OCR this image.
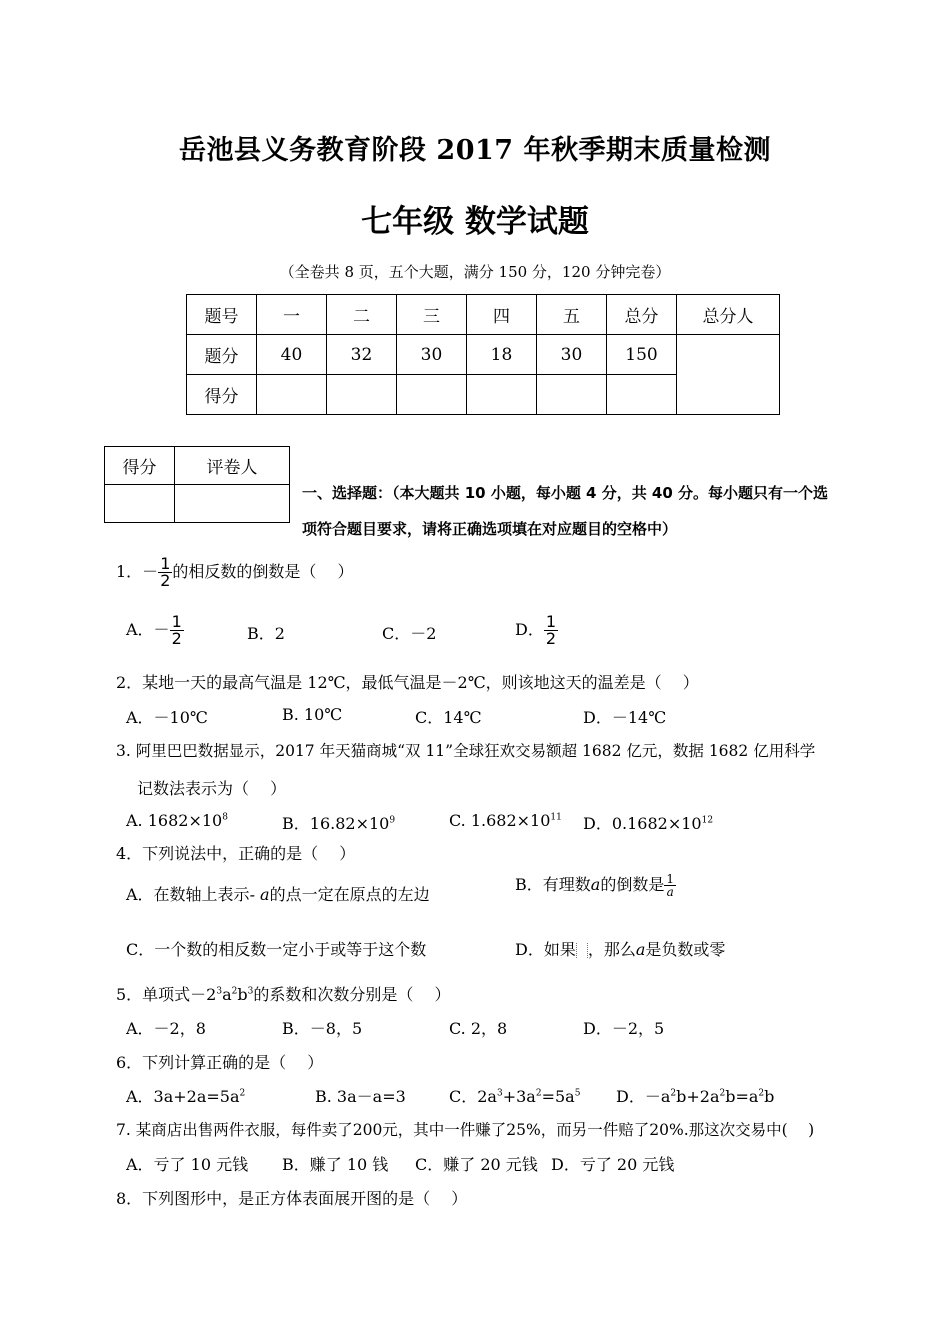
岳池县义务教育阶段 2017 年秋季期末质量检测
七年级 数学试题
（全卷共 8 页，五个大题，满分 150 分，120 分钟完卷）
题号	一	二	三	四	五	总分	总分人
题分	40	32	30	18	30	150	
得分							
得分	评卷人

一、选择题：（本大题共 10 小题，每小题 4 分，共 40 分。每小题只有一个选
项符合题目要求，请将正确选项填在对应题目的空格中）
1．－ $\frac{1}{2}$ 的相反数的倒数是（　 ）
A．－ $\frac{1}{2}$	B．2	C．－2	D． $\frac{1}{2}$
2．某地一天的最高气温是 12℃，最低气温是－2℃，则该地这天的温差是（　 ）
A．－10℃	B. 10℃	C．14℃	D．－14℃
3. 阿里巴巴数据显示，2017 年天猫商城“双 11”全球狂欢交易额超 1682 亿元，数据 1682 亿用科学
记数法表示为（　 ）
A. $1682\times 10^8$	B．$16.82\times 10^9$	C. $1.682\times 10^{11}$ D．$0.1682\times 10^{12}$
4．下列说法中，正确的是（　 ）
A．在数轴上表示- a的点一定在原点的左边
B．有理数a的倒数是 $\frac{1}{a}$
C．一个数的相反数一定小于或等于这个数	D．如果 ，那么a是负数或零
5．单项式$-2^3a^2b^3$的系数和次数分别是（　 ）
A．－2，8	B．－8，5	C. 2，8	D．－2，5
6．下列计算正确的是（　 ）
A．$3a+2a=5a^2$	B. 3a－a=3	C．$2a^3+3a^2=5a^5$ D．$-a^2b+2a^2b=a^2b$
7. 某商店出售两件衣服，每件卖了200元，其中一件赚了25%，而另一件赔了20%.那这次交易中(　 )
A．亏了 10 元钱 B．赚了 10 钱 C．赚了 20 元钱 D．亏了 20 元钱
8．下列图形中，是正方体表面展开图的是（　 ）
